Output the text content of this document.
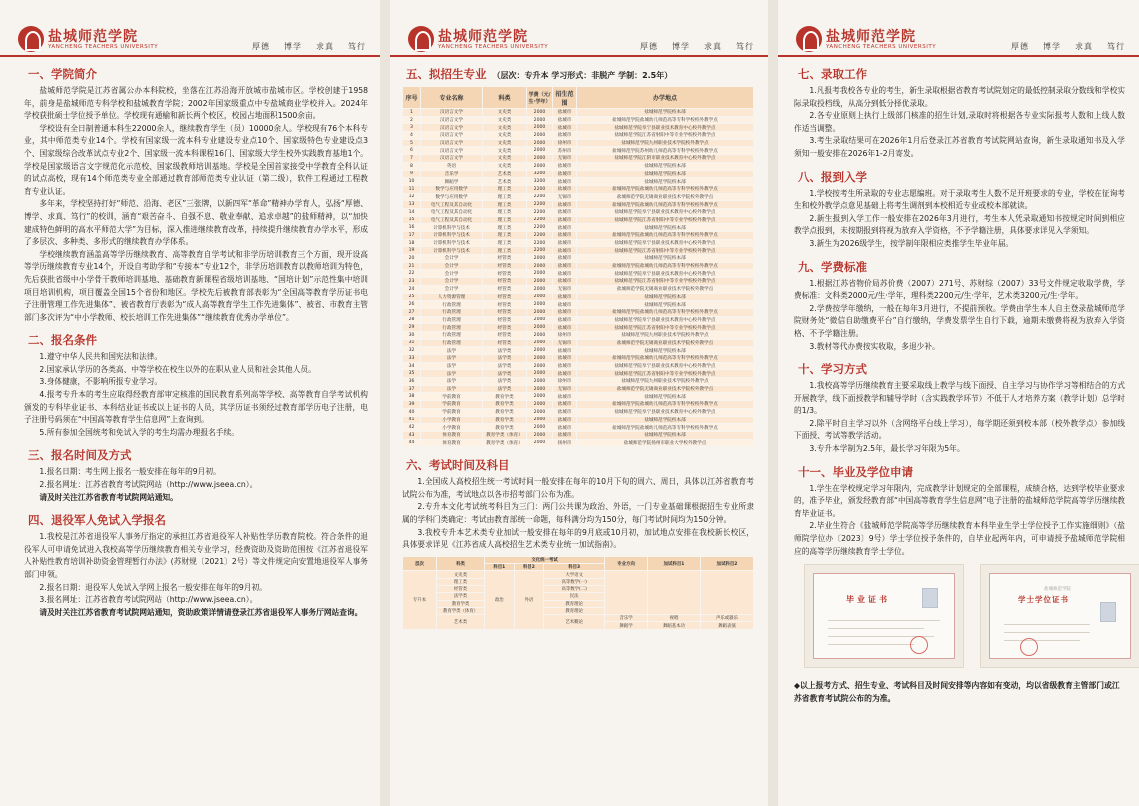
盐城师范学院
YANCHENG TEACHERS UNIVERSITY	厚德 博学 求真 笃行
一、学院简介

盐城师范学院是江苏省属公办本科院校，坐落在江苏沿海开放城市盐城市区。学校创建于1958年，前身是盐城师范专科学校和盐城教育学院；2002年国家级重点中专盐城商业学校并入。2024年学校获批硕士学位授予单位。学校现有通榆和新长两个校区，校园占地面积1500余亩。

学校设有全日制普通本科生22000余人，继续教育学生（员）10000余人。学校现有76个本科专业，其中师范类专业14个。学校有国家级一流本科专业建设专业点10个、国家级特色专业建设点3个、国家级综合改革试点专业2个、国家级一流本科课程16门、国家级大学生校外实践教育基地1个。学校是国家级语言文字规范化示范校、国家级教师培训基地。学校是全国首家接受中学教育全科认证的试点高校，现有14个师范类专业全部通过教育部师范类专业认证（第二级），软件工程通过工程教育专业认证。

多年来，学校坚持打好“师范、沿海、老区”三张牌，以新四军“革命”精神办学育人，弘扬“厚德、博学、求真、笃行”的校训，涵育“艰苦奋斗、自强不息、敬业奉献、追求卓越”的盐师精神，以“加快建成特色鲜明的高水平师范大学”为目标，深入推进继续教育改革，持续提升继续教育办学水平，形成了多层次、多种类、多形式的继续教育办学体系。

学校继续教育涵盖高等学历继续教育、高等教育自学考试和非学历培训教育三个方面，现开设高等学历继续教育专业14个，开设自考助学和“专接本”专业12个，非学历培训教育以教师培训为特色，先后获批省级中小学骨干教师培训基地、基础教育新课程省级培训基地、“国培计划”示范性集中培训项目培训机构，项目覆盖全国15个省份和地区。学校先后被教育部表彰为“全国高等教育学历证书电子注册管理工作先进集体”、被省教育厅表彰为“成人高等教育学生工作先进集体”、被省、市教育主管部门多次评为“中小学教师、校长培训工作先进集体”“继续教育优秀办学单位”。

二、报名条件

1.遵守中华人民共和国宪法和法律。

2.国家承认学历的各类高、中等学校在校生以外的在职从业人员和社会其他人员。

3.身体健康，不影响所报专业学习。

4.报考专升本的考生应取得经教育部审定核准的国民教育系列高等学校、高等教育自学考试机构颁发的专科毕业证书、本科结业证书或以上证书的人员，其学历证书须经过教育部学历电子注册，电子注册号码须在“中国高等教育学生信息网”上查询到。

5.所有参加全国统考和免试入学的考生均需办理报名手续。

三、报名时间及方式

1.报名日期：考生网上报名一般安排在每年的9月初。

2.报名网址：江苏省教育考试院网站（http://www.jseea.cn）。

请及时关注江苏省教育考试院网站通知。

四、退役军人免试入学报名

1.我校是江苏省退役军人事务厅指定的承担江苏省退役军人补贴性学历教育院校。符合条件的退役军人可申请免试进入我校高等学历继续教育相关专业学习，经费资助及资助范围按《江苏省退役军人补贴性教育培训补助资金管理暂行办法》(苏财规〔2021〕2号）等文件规定向安置地退役军人事务部门申领。

2.报名日期：退役军人免试入学网上报名一般安排在每年的9月初。

3.报名网址：江苏省教育考试院网站（http://www.jseea.cn）。

请及时关注江苏省教育考试院网站通知，资助政策详情请登录江苏省退役军人事务厅网站查询。

盐城师范学院
YANCHENG TEACHERS UNIVERSITY	厚德 博学 求真 笃行
五、拟招生专业 （层次：专升本 学习形式：非脱产 学制：2.5年）
序号	专业名称	科类	学费（元/生·学年）	招生范围	办学地点
1	汉语言文学	文史类	2000	盐城市	盐城师范学院校本部
2	汉语言文学	文史类	2000	盐城市	盐城师范学院盐城幼儿师范高等专科学校校外教学点
3	汉语言文学	文史类	2000	盐城市	盐城师范学院阜宁县职业技术教育中心校外教学点
4	汉语言文学	文史类	2000	盐城市	盐城师范学院江苏省射阳中等专业学校校外教学点
5	汉语言文学	文史类	2000	徐州市	盐城师范学院九州职业技术学院校外教学点
6	汉语言文学	文史类	2000	苏州市	盐城师范学院苏州幼儿师范高等专科学校校外教学点
7	汉语言文学	文史类	2000	无锡市	盐城师范学院江阴市职业技术教育中心校外教学点
8	英语	文史类	2000	盐城市	盐城师范学院校本部
9	音乐学	艺术类	3200	盐城市	盐城师范学院校本部
10	舞蹈学	艺术类	3200	盐城市	盐城师范学院校本部
11	数学与应用数学	理工类	2200	盐城市	盐城师范学院盐城幼儿师范高等专科学校校外教学点
12	数学与应用数学	理工类	2200	无锡市	盐城师范学院无锡商业职业技术学院校外教学点
13	电气工程及其自动化	理工类	2200	盐城市	盐城师范学院盐城幼儿师范高等专科学校校外教学点
14	电气工程及其自动化	理工类	2200	盐城市	盐城师范学院阜宁县职业技术教育中心校外教学点
15	电气工程及其自动化	理工类	2200	盐城市	盐城师范学院江苏省射阳中等专业学校校外教学点
16	计算机科学与技术	理工类	2200	盐城市	盐城师范学院校本部
17	计算机科学与技术	理工类	2200	盐城市	盐城师范学院盐城幼儿师范高等专科学校校外教学点
18	计算机科学与技术	理工类	2200	盐城市	盐城师范学院阜宁县职业技术教育中心校外教学点
19	计算机科学与技术	理工类	2200	盐城市	盐城师范学院江苏省射阳中等专业学校校外教学点
20	会计学	经管类	2000	盐城市	盐城师范学院校本部
21	会计学	经管类	2000	盐城市	盐城师范学院盐城幼儿师范高等专科学校校外教学点
22	会计学	经管类	2000	盐城市	盐城师范学院阜宁县职业技术教育中心校外教学点
23	会计学	经管类	2000	盐城市	盐城师范学院江苏省射阳中等专业学校校外教学点
24	会计学	经管类	2000	无锡市	盐城师范学院无锡商业职业技术学院校外教学点
25	人力资源管理	经管类	2000	盐城市	盐城师范学院校本部
26	行政管理	经管类	2000	盐城市	盐城师范学院校本部
27	行政管理	经管类	2000	盐城市	盐城师范学院盐城幼儿师范高等专科学校校外教学点
28	行政管理	经管类	2000	盐城市	盐城师范学院阜宁县职业技术教育中心校外教学点
29	行政管理	经管类	2000	盐城市	盐城师范学院江苏省射阳中等专业学校校外教学点
30	行政管理	经管类	2000	徐州市	盐城师范学院九州职业技术学院校外教学点
31	行政管理	经管类	2000	无锡市	盐城师范学院无锡商业职业技术学院校外教学点
32	法学	法学类	2000	盐城市	盐城师范学院校本部
33	法学	法学类	2000	盐城市	盐城师范学院盐城幼儿师范高等专科学校校外教学点
34	法学	法学类	2000	盐城市	盐城师范学院阜宁县职业技术教育中心校外教学点
35	法学	法学类	2000	盐城市	盐城师范学院江苏省射阳中等专业学校校外教学点
36	法学	法学类	2000	徐州市	盐城师范学院九州职业技术学院校外教学点
37	法学	法学类	2000	无锡市	盐城师范学院无锡商业职业技术学院校外教学点
38	学前教育	教育学类	2000	盐城市	盐城师范学院校本部
39	学前教育	教育学类	2000	盐城市	盐城师范学院盐城幼儿师范高等专科学校校外教学点
40	学前教育	教育学类	2000	盐城市	盐城师范学院阜宁县职业技术教育中心校外教学点
41	小学教育	教育学类	2000	盐城市	盐城师范学院校本部
42	小学教育	教育学类	2000	盐城市	盐城师范学院盐城幼儿师范高等专科学校校外教学点
43	体育教育	教育学类（体育）	2000	盐城市	盐城师范学院校本部
44	体育教育	教育学类（体育）	2000	扬州市	盐城师范学院扬州市职业大学校外教学点
六、考试时间及科目

1.全国成人高校招生统一考试时间一般安排在每年的10月下旬的周六、周日，具体以江苏省教育考试院公布为准，考试地点以各市招考部门公布为准。

2.专升本文化考试统考科目为三门：两门公共课为政治、外语，一门专业基础课根据招生专业所隶属的学科门类确定：考试由教育部统一命题，每科满分均为150分，每门考试时间均为150分钟。

3.我校专升本艺术类专业加试一般安排在每年的9月底或10月初，加试地点安排在我校新长校区，具体要求详见《江苏省成人高校招生艺术类专业统一加试指南》。

层次	科类	文化统一考试			专业方向	加试科目1	加试科目2
		科目1	科目2	科目3			
专升本	文史类	政治	外语	大学语文			
	理工类			高等数学(一)			
	经管类			高等数学(二)			
	法学类			民法			
	教育学类			教育理论			
	教育学类（体育）			教育理论			
	艺术类			艺术概论	音乐学	视唱	声乐或器乐
					舞蹈学	舞蹈基本功	舞蹈表演
盐城师范学院
YANCHENG TEACHERS UNIVERSITY	厚德 博学 求真 笃行
七、录取工作

1.凡报考我校各专业的考生，新生录取根据省教育考试院划定的最低控制录取分数线和学校实际录取投档线，从高分到低分择优录取。

2.各专业原则上执行上级部门核准的招生计划,录取时将根据各专业实际报考人数和上线人数作适当调整。

3.考生录取结果可在2026年1月后登录江苏省教育考试院网站查询，新生录取通知书及入学须知一般安排在2026年1-2月寄发。

八、报到入学

1.学校按考生所录取的专业志愿编班。对于录取考生人数不足开班要求的专业，学校在征询考生和校外教学点意见基础上将考生调剂到本校相近专业或校本部就读。

2.新生报到入学工作一般安排在2026年3月进行，考生本人凭录取通知书按规定时间到相应教学点报到，未按期报到将视为放弃入学资格，不予学籍注册，具体要求详见入学须知。

3.新生为2026级学生，按学制年限相应类推学生毕业年届。

九、学费标准

1.根据江苏省物价局苏价费（2007）271号、苏财综（2007）33号文件规定收取学费，学费标准：文科类2000元/生·学年，理科类2200元/生·学年，艺术类3200元/生·学年。

2.学费按学年缴纳，一般在每年3月进行，不提前预收。学费由学生本人自主登录盐城师范学院财务处“微信自助缴费平台”自行缴纳，学费发票学生自行下载，逾期未缴费将视为放弃入学资格、不予学籍注册。

3.教材等代办费按实收取，多退少补。

十、学习方式

1.我校高等学历继续教育主要采取线上教学与线下面授、自主学习与协作学习等相结合的方式开展教学，线下面授教学和辅导学时（含实践教学环节）不低于人才培养方案（教学计划）总学时的1/3。

2.除平时自主学习以外（含网络平台线上学习），每学期还须到校本部（校外教学点）参加线下面授、考试等教学活动。

3.专升本学制为2.5年，最长学习年限为5年。

十一、毕业及学位申请

1.学生在学校规定学习年限内，完成教学计划规定的全部课程，成绩合格，达到学校毕业要求的，准予毕业，颁发经教育部“中国高等教育学生信息网”电子注册的盐城师范学院高等学历继续教育毕业证书。

2.毕业生符合《盐城师范学院高等学历继续教育本科毕业生学士学位授予工作实施细则》（盐师院学位办〔2023〕9号）学士学位授予条件的，自毕业起两年内，可申请授予盐城师范学院相应的高等学历继续教育学士学位。

毕业证书
盐城师范学院
学士学位证书
◆以上报考方式、招生专业、考试科目及时间安排等内容如有变动，均以省级教育主管部门或江苏省教育考试院公布的为准。
